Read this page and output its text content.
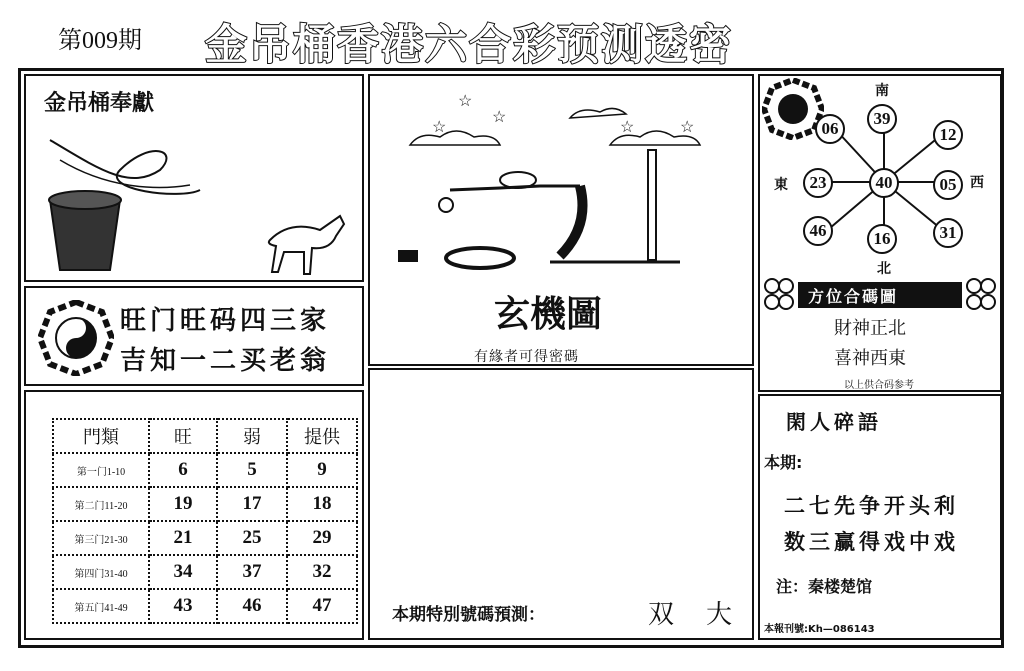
第009期 金吊桶香港六合彩预测透密
金吊桶奉獻
旺门旺码四三家
吉知一二买老翁
門類	旺	弱	提供
第一门1-10	6	5	9
第二门11-20	19	17	18
第三门21-30	21	25	29
第四门31-40	34	37	32
第五门41-49	43	46	47
☆
☆
☆
☆	☆
玄機圖
有緣者可得密碼
本期特別號碼預測：	双 大
南
北
東	西
06
39
12
23	40	05
46	16	31
方位合碼圖
財神正北
喜神西東
以上供合码参考
閑人碎語
本期:
二七先争开头利
数三赢得戏中戏
注：秦楼楚馆
本報刊號:Kh—086143
